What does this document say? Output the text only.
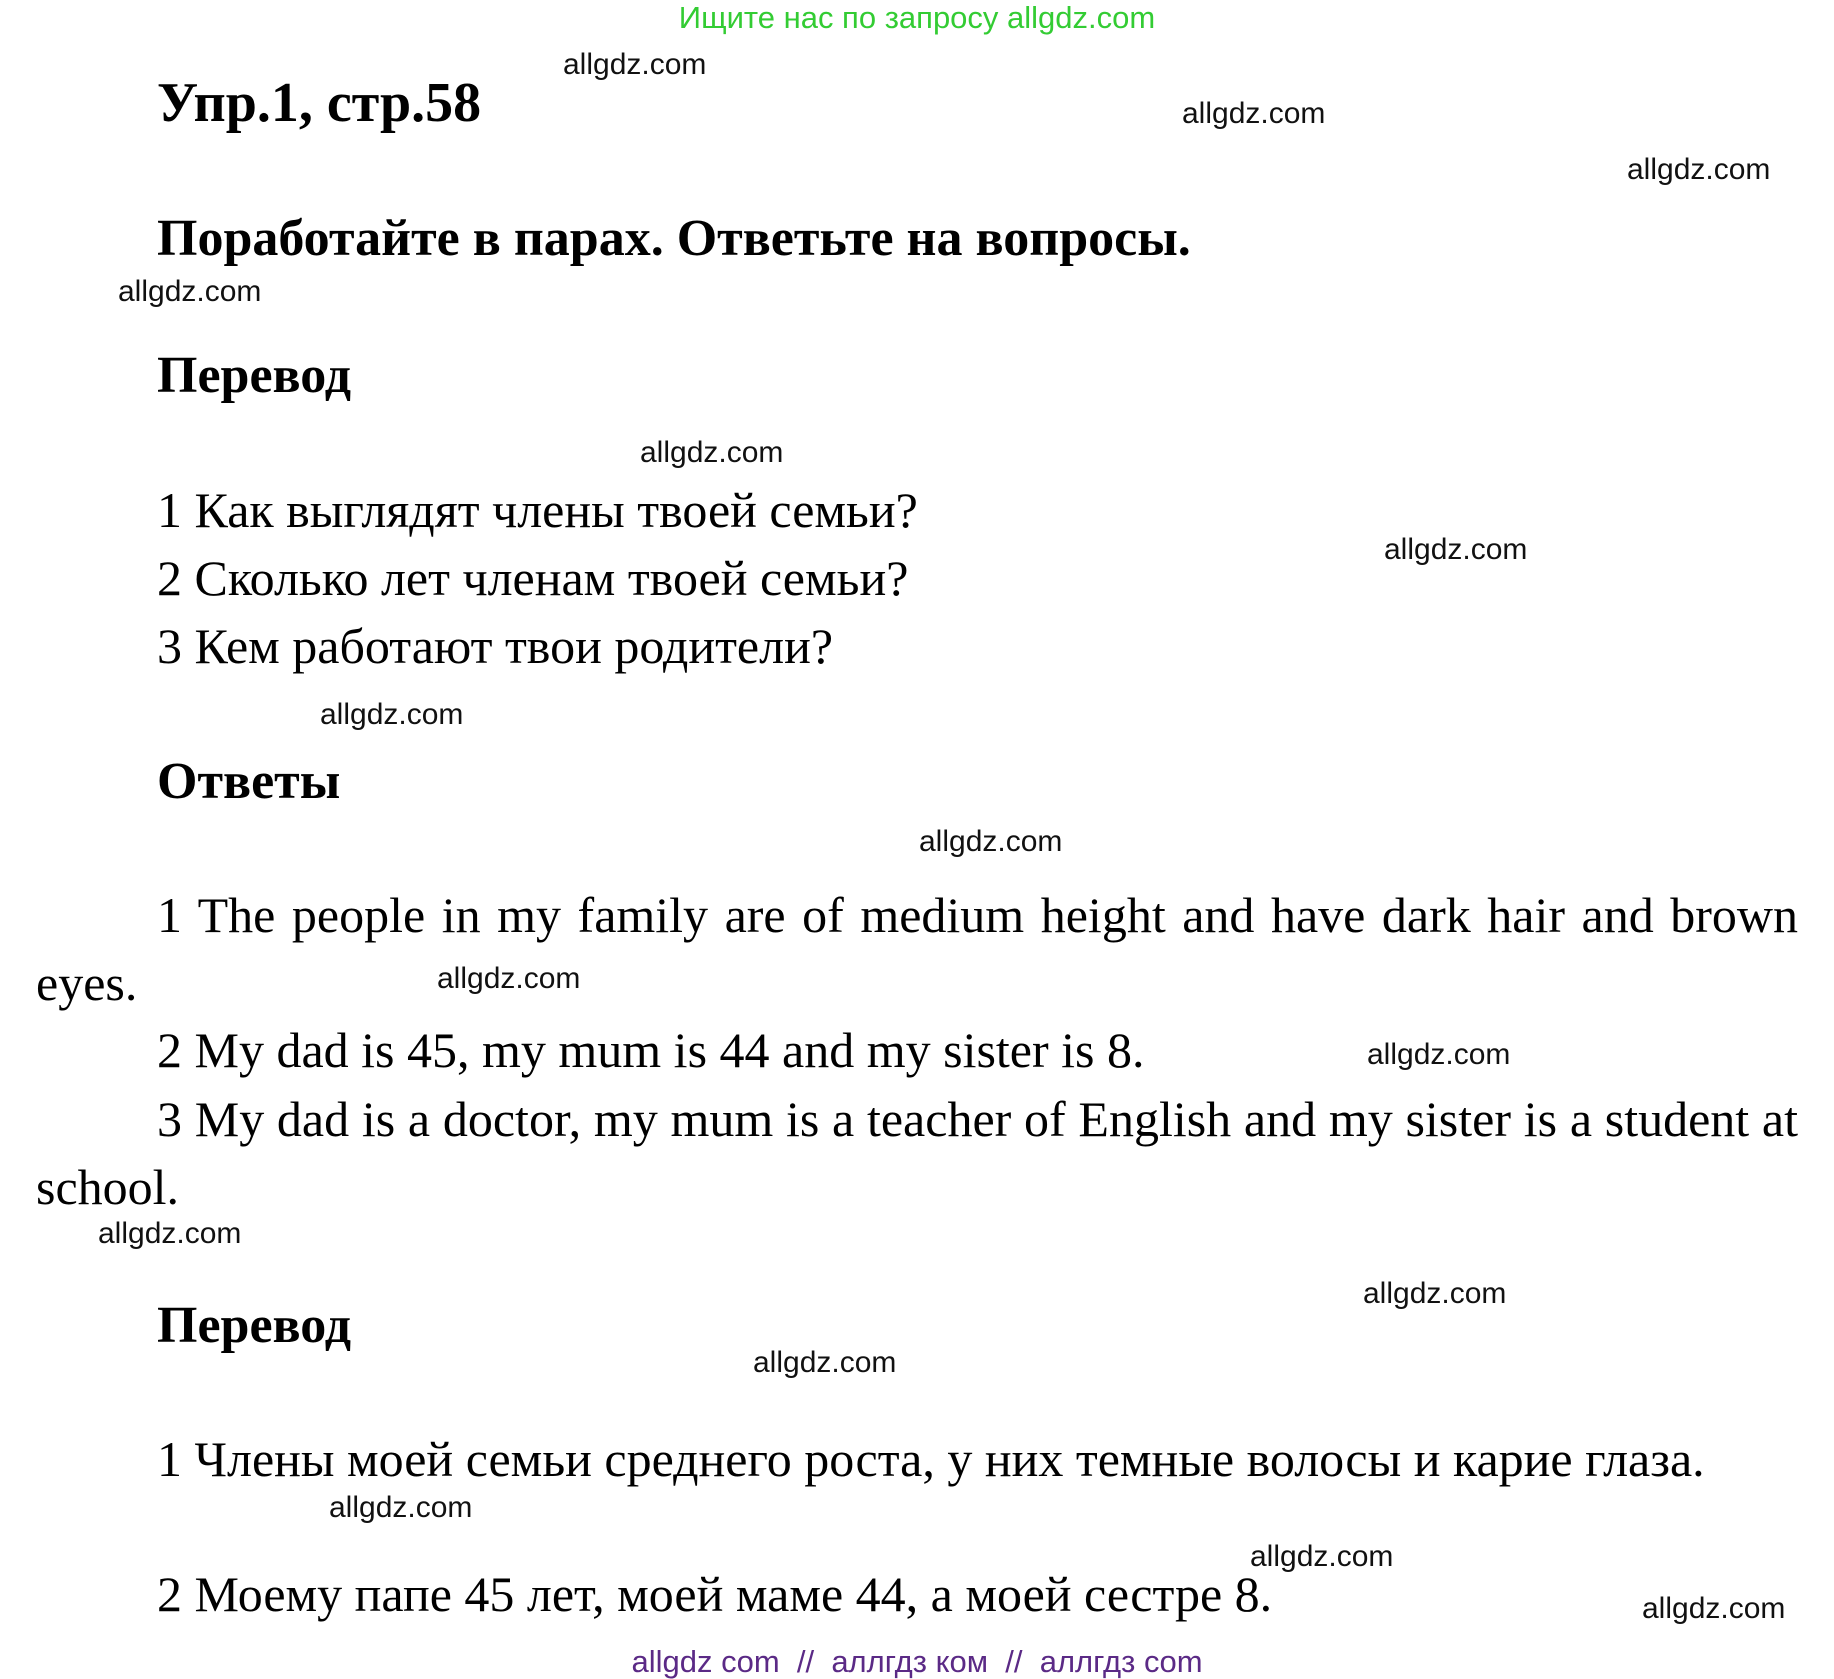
Ищите нас по запросу allgdz.com
Упр.1, стр.58
Поработайте в парах. Ответьте на вопросы.
Перевод
1 Как выглядят члены твоей семьи?
2 Сколько лет членам твоей семьи?
3 Кем работают твои родители?
Ответы

1 The people in my family are of medium height and have dark hair and brown eyes.

2 My dad is 45, my mum is 44 and my sister is 8.

3 My dad is a doctor, my mum is a teacher of English and my sister is a student at school.

Перевод

1 Члены моей семьи среднего роста, у них темные волосы и карие глаза.

2 Моему папе 45 лет, моей маме 44, а моей сестре 8.
allgdz.com
allgdz.com
allgdz.com
allgdz.com
allgdz.com
allgdz.com
allgdz.com
allgdz.com
allgdz.com
allgdz.com
allgdz.com
allgdz.com
allgdz.com
allgdz.com
allgdz.com
allgdz.com
allgdz com  //  аллгдз ком  //  аллгдз com
